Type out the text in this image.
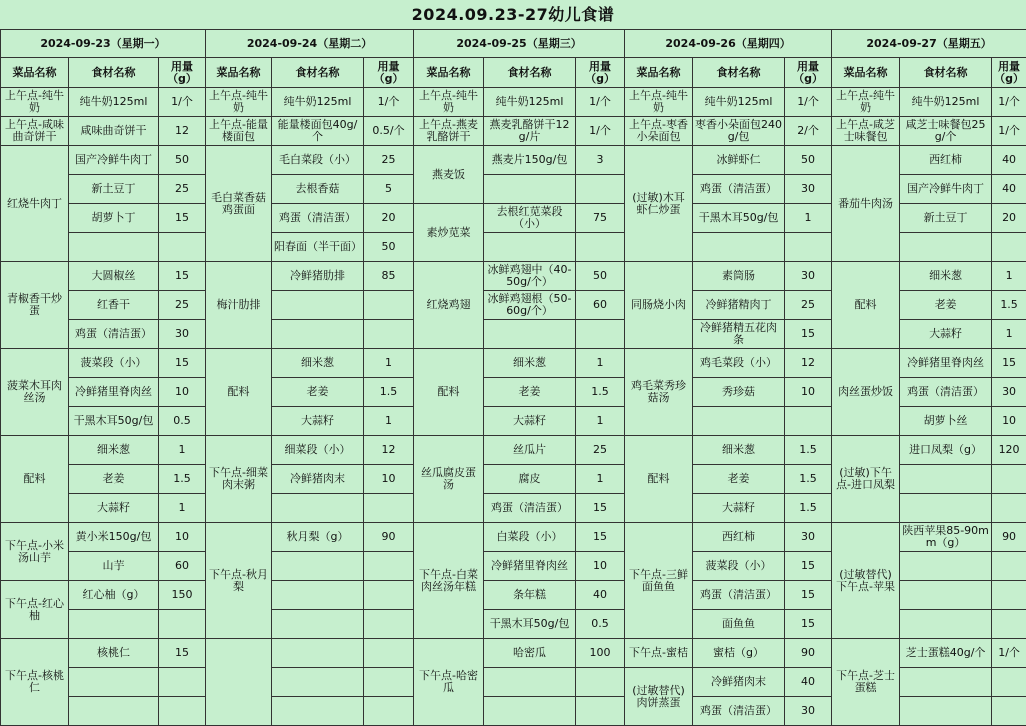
2024.09.23-27幼儿食谱
2024-09-23（星期一）			2024-09-24（星期二）			2024-09-25（星期三）			2024-09-26（星期四）			2024-09-27（星期五）		
菜品名称	食材名称	用量（g）	菜品名称	食材名称	用量（g）	菜品名称	食材名称	用量（g）	菜品名称	食材名称	用量（g）	菜品名称	食材名称	用量（g）
上午点-纯牛奶	纯牛奶125ml	1/个	上午点-纯牛奶	纯牛奶125ml	1/个	上午点-纯牛奶	纯牛奶125ml	1/个	上午点-纯牛奶	纯牛奶125ml	1/个	上午点-纯牛奶	纯牛奶125ml	1/个
上午点-咸味曲奇饼干	咸味曲奇饼干	12	上午点-能量楼面包	能量楼面包40g/个	0.5/个	上午点-燕麦乳酪饼干	燕麦乳酪饼干12g/片	1/个	上午点-枣香小朵面包	枣香小朵面包240g/包	2/个	上午点-咸芝士味餐包	咸芝士味餐包25g/个	1/个
红烧牛肉丁	国产冷鲜牛肉丁	50	毛白菜香菇鸡蛋面	毛白菜段（小）	25	燕麦饭	燕麦片150g/包	3	(过敏)木耳虾仁炒蛋	冰鲜虾仁	50	番茄牛肉汤	西红柿	40
	新土豆丁	25		去根香菇	5					鸡蛋（清洁蛋）	30		国产冷鲜牛肉丁	40
	胡萝卜丁	15		鸡蛋（清洁蛋）	20	素炒苋菜	去根红苋菜段（小）	75		干黑木耳50g/包	1		新土豆丁	20
				阳春面（半干面）	50									
青椒香干炒蛋	大圆椒丝	15	梅汁肋排	冷鲜猪肋排	85	红烧鸡翅	冰鲜鸡翅中（40-50g/个）	50	同肠烧小肉	素筒肠	30	配料	细米葱	1
	红香干	25					冰鲜鸡翅根（50-60g/个）	60		冷鲜猪精肉丁	25		老姜	1.5
	鸡蛋（清洁蛋）	30								冷鲜猪精五花肉条	15		大蒜籽	1
菠菜木耳肉丝汤	菠菜段（小）	15	配料	细米葱	1	配料	细米葱	1	鸡毛菜秀珍菇汤	鸡毛菜段（小）	12	肉丝蛋炒饭	冷鲜猪里脊肉丝	15
	冷鲜猪里脊肉丝	10		老姜	1.5		老姜	1.5		秀珍菇	10		鸡蛋（清洁蛋）	30
	干黑木耳50g/包	0.5		大蒜籽	1		大蒜籽	1					胡萝卜丝	10
配料	细米葱	1	下午点-细菜肉末粥	细菜段（小）	12	丝瓜腐皮蛋汤	丝瓜片	25	配料	细米葱	1.5	(过敏)下午点-进口凤梨	进口凤梨（g）	120
	老姜	1.5		冷鲜猪肉末	10		腐皮	1		老姜	1.5			
	大蒜籽	1					鸡蛋（清洁蛋）	15		大蒜籽	1.5			
下午点-小米汤山芋	黄小米150g/包	10	下午点-秋月梨	秋月梨（g）	90	下午点-白菜肉丝汤年糕	白菜段（小）	15	下午点-三鲜面鱼鱼	西红柿	30	(过敏替代)下午点-苹果	陕西苹果85-90mm（g）	90
	山芋	60					冷鲜猪里脊肉丝	10		菠菜段（小）	15			
下午点-红心柚	红心柚（g）	150					条年糕	40		鸡蛋（清洁蛋）	15			
							干黑木耳50g/包	0.5		面鱼鱼	15			
下午点-核桃仁	核桃仁	15				下午点-哈密瓜	哈密瓜	100	下午点-蜜桔	蜜桔（g）	90	下午点-芝士蛋糕	芝士蛋糕40g/个	1/个
									(过敏替代)肉饼蒸蛋	冷鲜猪肉末	40			
										鸡蛋（清洁蛋）	30			
